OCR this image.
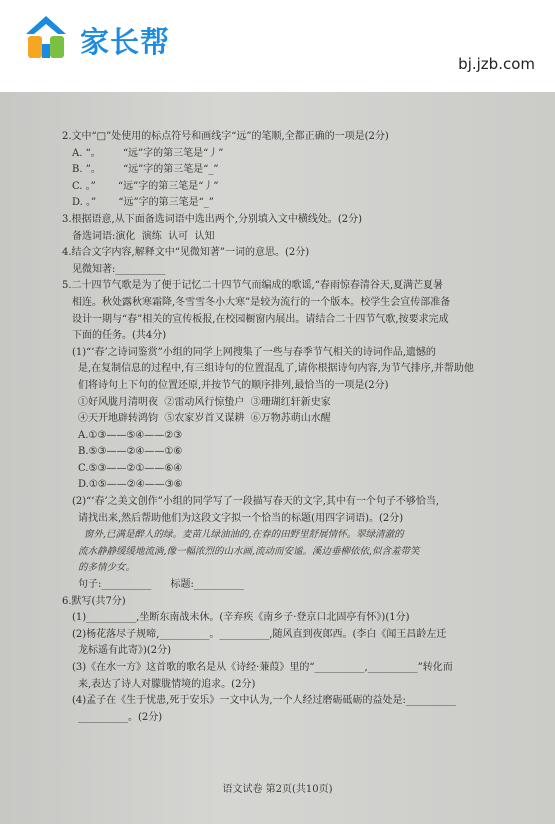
家长帮
bj.jzb.com

2.文中“□”处使用的标点符号和画线字“远”的笔顺,全都正确的一项是(2分)

A. “。       “远”字的第三笔是“丿”

B. ”。       “远”字的第三笔是“_”

C. 。”       “远”字的第三笔是“丿”

D. 。”       “远”字的第三笔是“_”

3.根据语意,从下面备选词语中选出两个,分别填入文中横线处。(2分)

备选词语:演化  演练  认可  认知

4.结合文字内容,解释文中“见微知著”一词的意思。(2分)

见微知著:__________

5.二十四节气歌是为了便于记忆二十四节气而编成的歌谣,“春雨惊春清谷天,夏满芒夏暑

相连。秋处露秋寒霜降,冬雪雪冬小大寒”是较为流行的一个版本。校学生会宣传部准备

设计一期与“春”相关的宣传板报,在校园橱窗内展出。请结合二十四节气歌,按要求完成

下面的任务。(共4分)

(1)“‘春’之诗词鉴赏”小组的同学上网搜集了一些与春季节气相关的诗词作品,遗憾的

是,在复制信息的过程中,有三组诗句的位置混乱了,请你根据诗句内容,为节气排序,并帮助他

们将诗句上下句的位置还原,并按节气的顺序排列,最恰当的一项是(2分)

①好风胧月清明夜  ②雷动风行惊蛰户  ③珊瑚红轩新史家

④天开地辟转鸿钧  ⑤农家岁首又谋耕  ⑥万物苏萌山水醒

A.①③——⑤④——②③

B.⑤③——②④——①⑥

C.⑤③——②①——⑥④

D.①⑤——②④——③⑥

(2)“‘春’之美文创作”小组的同学写了一段描写春天的文字,其中有一个句子不够恰当,

请找出来,然后帮助他们为这段文字拟一个恰当的标题(用四字词语)。(2分)

窗外,已满是醉人的绿。麦苗儿绿油油的,在春的田野里舒展情怀。翠绿清澈的

流水静静缓缓地流淌,像一幅浓烈的山水画,流动而安谧。溪边垂柳依依,似含羞带笑

的多情少女。

句子:__________      标题:__________

6.默写(共7分)

(1)__________,坐断东南战未休。(辛弃疾《南乡子·登京口北固亭有怀》)(1分)

(2)杨花落尽子规啼,__________。__________,随风直到夜郎西。(李白《闻王昌龄左迁

龙标遥有此寄》)(2分)

(3)《在水一方》这首歌的歌名是从《诗经·蒹葭》里的“__________,__________”转化而

来,表达了诗人对朦胧情境的追求。(2分)

(4)孟子在《生于忧患,死于安乐》一文中认为,一个人经过磨砺砥砺的益处是:__________

__________。(2分)

语文试卷 第2页(共10页)
